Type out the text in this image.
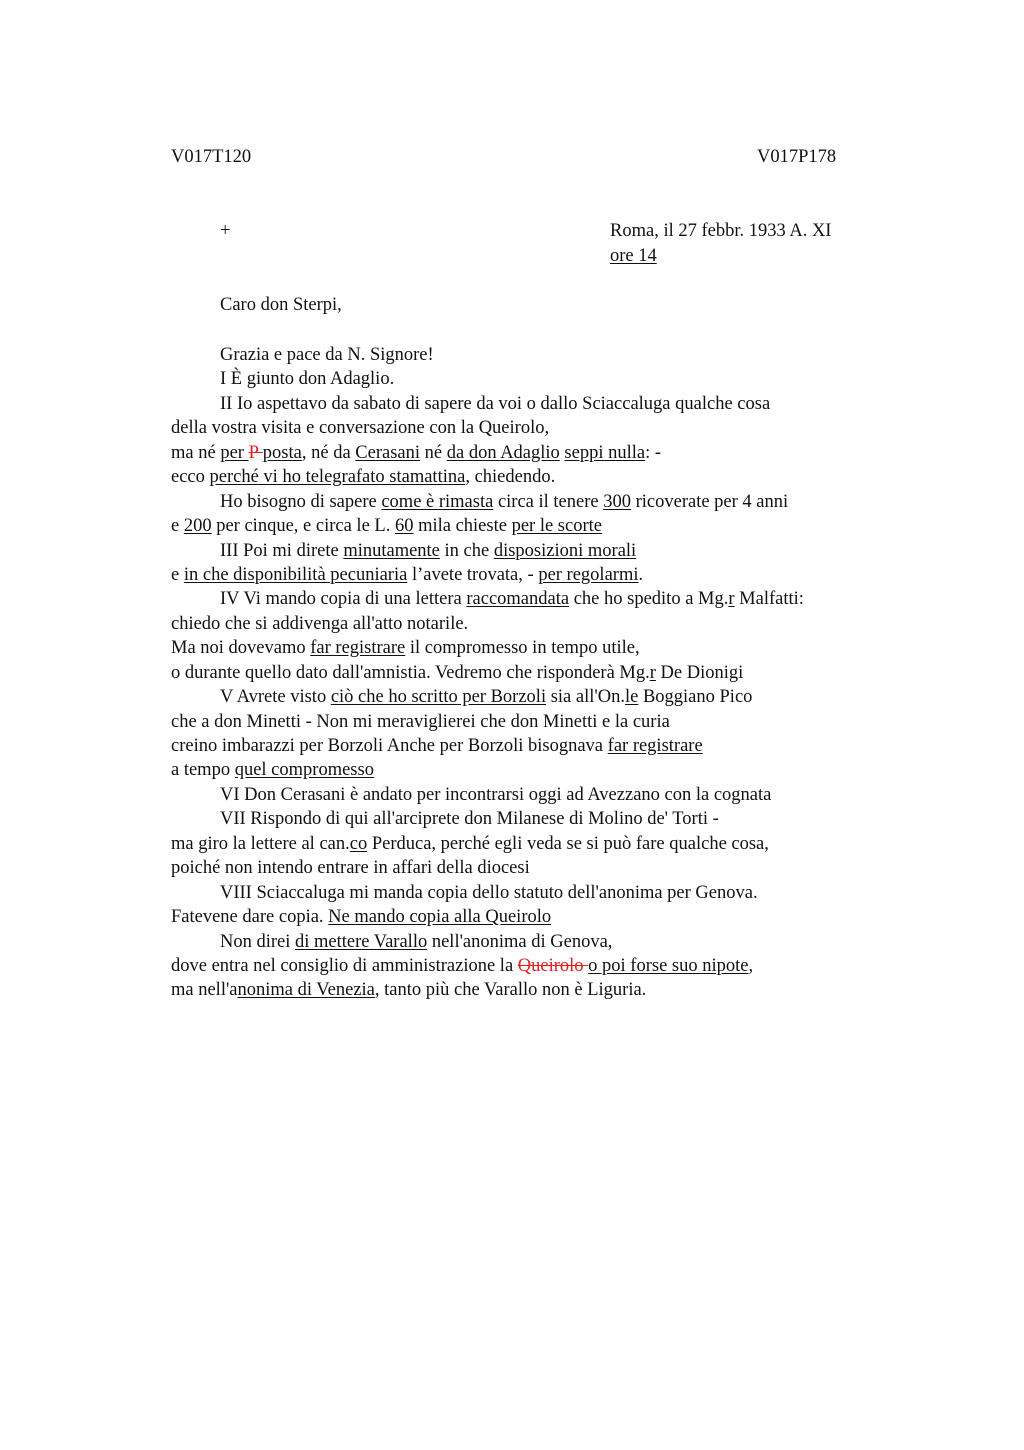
V017T120	V017P178
+	Roma, il 27 febbr. 1933 A. XI
ore 14
Caro don Sterpi,
Grazia e pace da N. Signore!
I È giunto don Adaglio.
II Io aspettavo da sabato di sapere da voi o dallo Sciaccaluga qualche cosa
della vostra visita e conversazione con la Queirolo,
ma né per P posta, né da Cerasani né da don Adaglio seppi nulla: -
ecco perché vi ho telegrafato stamattina, chiedendo.
Ho bisogno di sapere come è rimasta circa il tenere 300 ricoverate per 4 anni
e 200 per cinque, e circa le L. 60 mila chieste per le scorte
III Poi mi direte minutamente in che disposizioni morali
e in che disponibilità pecuniaria l’avete trovata, - per regolarmi.
IV Vi mando copia di una lettera raccomandata che ho spedito a Mg.r Malfatti:
chiedo che si addivenga all'atto notarile.
Ma noi dovevamo far registrare il compromesso in tempo utile,
o durante quello dato dall'amnistia. Vedremo che risponderà Mg.r De Dionigi
V Avrete visto ciò che ho scritto per Borzoli sia all'On.le Boggiano Pico
che a don Minetti - Non mi meraviglierei che don Minetti e la curia
creino imbarazzi per Borzoli Anche per Borzoli bisognava far registrare
a tempo quel compromesso
VI Don Cerasani è andato per incontrarsi oggi ad Avezzano con la cognata
VII Rispondo di qui all'arciprete don Milanese di Molino de' Torti -
ma giro la lettere al can.co Perduca, perché egli veda se si può fare qualche cosa,
poiché non intendo entrare in affari della diocesi
VIII Sciaccaluga mi manda copia dello statuto dell'anonima per Genova.
Fatevene dare copia. Ne mando copia alla Queirolo
Non direi di mettere Varallo nell'anonima di Genova,
dove entra nel consiglio di amministrazione la Queirolo o poi forse suo nipote,
ma nell'anonima di Venezia, tanto più che Varallo non è Liguria.
